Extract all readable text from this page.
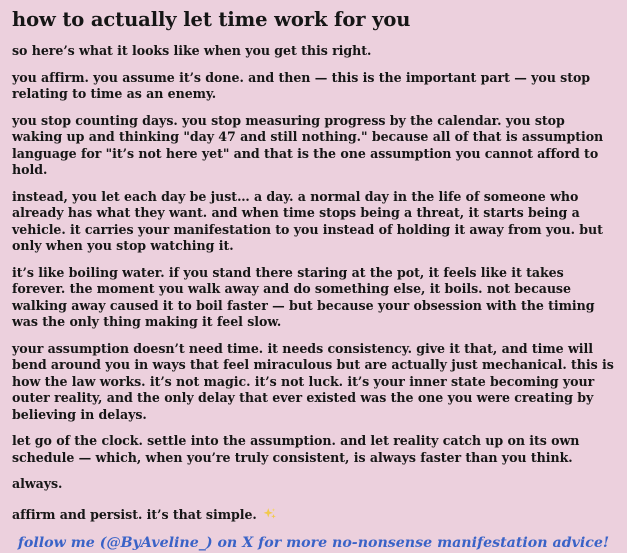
how to actually let time work for you

so here’s what it looks like when you get this right.

you affirm. you assume it’s done. and then — this is the important part — you stop relating to time as an enemy.

you stop counting days. you stop measuring progress by the calendar. you stop waking up and thinking "day 47 and still nothing." because all of that is assumption language for "it’s not here yet" and that is the one assumption you cannot afford to hold.

instead, you let each day be just… a day. a normal day in the life of someone who already has what they want. and when time stops being a threat, it starts being a vehicle. it carries your manifestation to you instead of holding it away from you. but only when you stop watching it.

it’s like boiling water. if you stand there staring at the pot, it feels like it takes forever. the moment you walk away and do something else, it boils. not because walking away caused it to boil faster — but because your obsession with the timing was the only thing making it feel slow.

your assumption doesn’t need time. it needs consistency. give it that, and time will bend around you in ways that feel miraculous but are actually just mechanical. this is how the law works. it’s not magic. it’s not luck. it’s your inner state becoming your outer reality, and the only delay that ever existed was the one you were creating by believing in delays.

let go of the clock. settle into the assumption. and let reality catch up on its own schedule — which, when you’re truly consistent, is always faster than you think.

always.

affirm and persist. it’s that simple.

follow me (@ByAveline_) on X for more no-nonsense manifestation advice!
